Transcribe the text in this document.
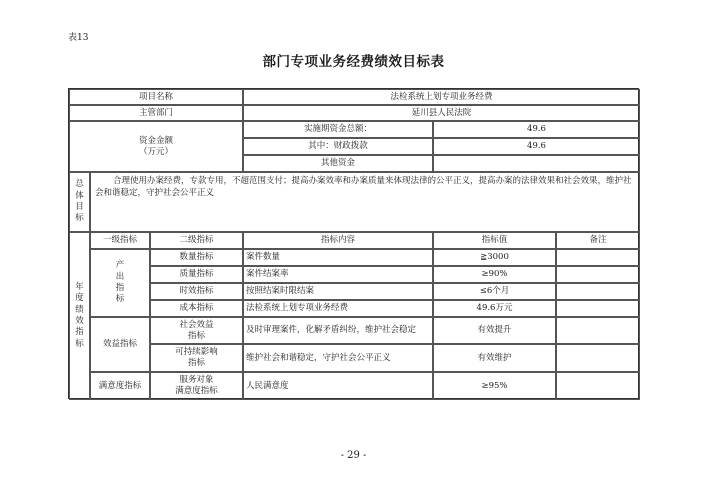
表13
部门专项业务经费绩效目标表
项目名称	法检系统上划专项业务经费
主管部门	延川县人民法院
资金金额
（万元）
实施期资金总额：	49.6
其中：财政拨款	49.6
其他资金
总
体
目
标

合理使用办案经费，专款专用，不超范围支付；提高办案效率和办案质量来体现法律的公平正义，提高办案的法律效果和社会效果，维护社会和谐稳定，守护社会公平正义

年
度
绩
效
指
标
一级指标	二级指标	指标内容	指标值	备注
产
出
指
标
数量指标	案件数量	≧3000
质量指标	案件结案率	≥90%
时效指标	按照结案时限结案	≤6个月
成本指标	法检系统上划专项业务经费	49.6万元
效益指标
社会效益
指标
及时审理案件，化解矛盾纠纷，维护社会稳定	有效提升
可持续影响
指标
维护社会和谐稳定，守护社会公平正义	有效维护
满意度指标
服务对象
满意度指标
人民满意度	≥95%
- 29 -
